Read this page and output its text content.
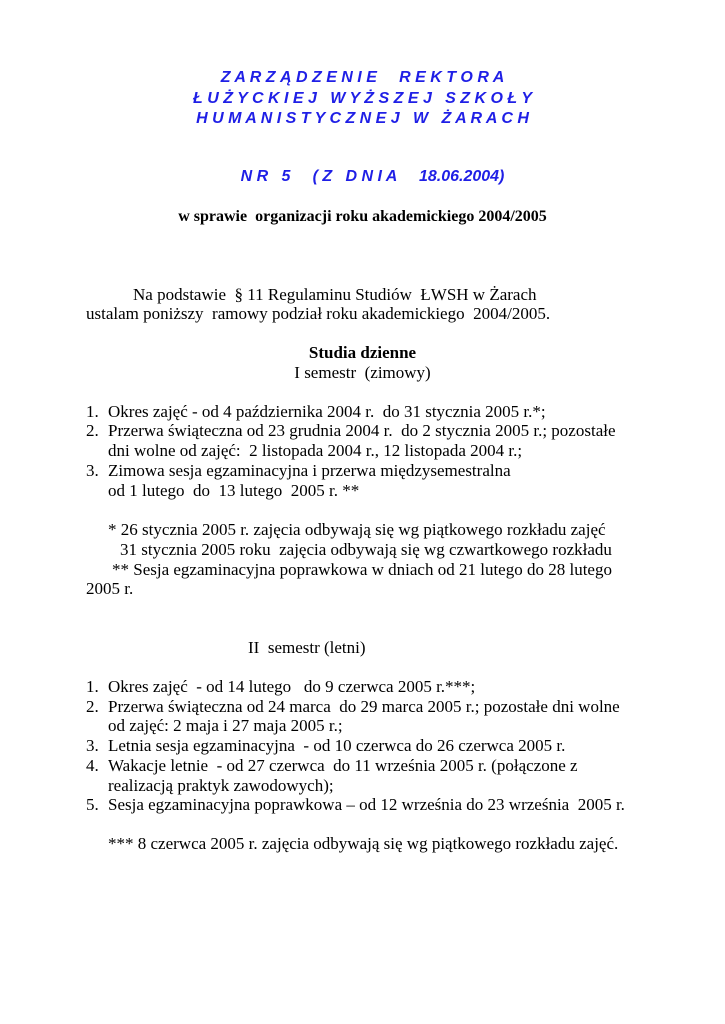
Z A R Z Ą D Z E N I E     R E K T O R A
Ł U Ż Y C K I E J   W Y Ż S Z E J   S Z K O Ł Y
H U M A N I S T Y C Z N E J   W   Ż A R A C H
N R   5     ( Z   D N I A     18.06.2004)
w sprawie  organizacji roku akademickiego 2004/2005
Na podstawie  § 11 Regulaminu Studiów  ŁWSH w Żarach
ustalam poniższy  ramowy podział roku akademickiego  2004/2005.
Studia dzienne
I semestr  (zimowy)
1. Okres zajęć - od 4 października 2004 r.  do 31 stycznia 2005 r.*;
2. Przerwa świąteczna od 23 grudnia 2004 r.  do 2 stycznia 2005 r.; pozostałe
dni wolne od zajęć:  2 listopada 2004 r., 12 listopada 2004 r.;
3. Zimowa sesja egzaminacyjna i przerwa międzysemestralna
od 1 lutego  do  13 lutego  2005 r. **
* 26 stycznia 2005 r. zajęcia odbywają się wg piątkowego rozkładu zajęć
31 stycznia 2005 roku  zajęcia odbywają się wg czwartkowego rozkładu
** Sesja egzaminacyjna poprawkowa w dniach od 21 lutego do 28 lutego
2005 r.
II  semestr (letni)
1. Okres zajęć  - od 14 lutego   do 9 czerwca 2005 r.***;
2. Przerwa świąteczna od 24 marca  do 29 marca 2005 r.; pozostałe dni wolne
od zajęć: 2 maja i 27 maja 2005 r.;
3. Letnia sesja egzaminacyjna  - od 10 czerwca do 26 czerwca 2005 r.
4. Wakacje letnie  - od 27 czerwca  do 11 września 2005 r. (połączone z
realizacją praktyk zawodowych);
5. Sesja egzaminacyjna poprawkowa – od 12 września do 23 września  2005 r.
*** 8 czerwca 2005 r. zajęcia odbywają się wg piątkowego rozkładu zajęć.
